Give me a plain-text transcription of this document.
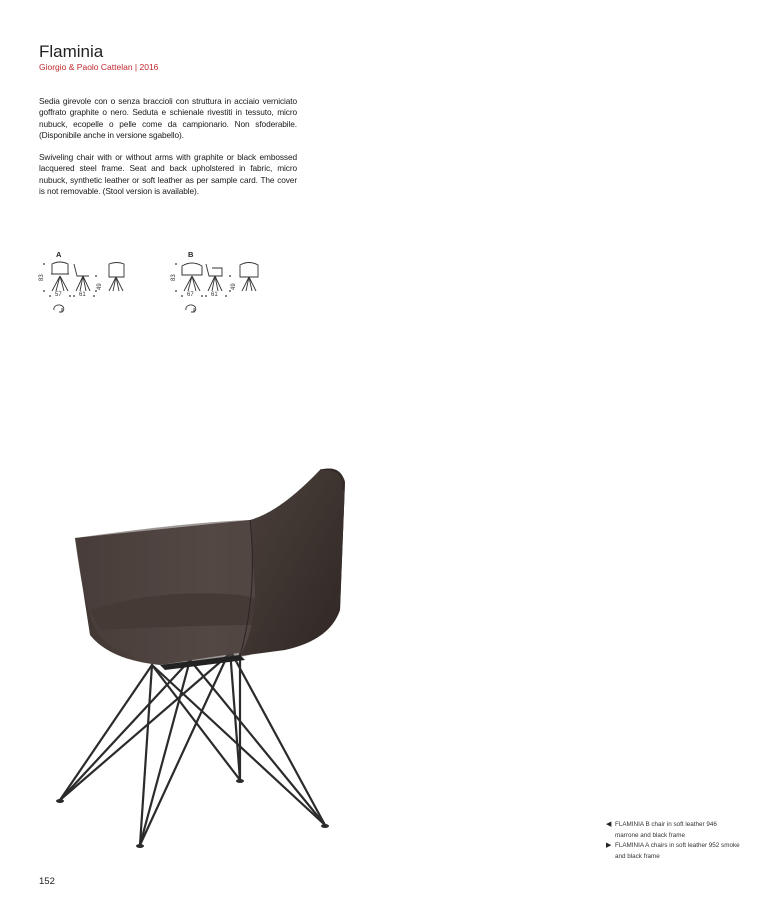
Flaminia
Giorgio & Paolo Cattelan | 2016

Sedia girevole con o senza braccioli con struttura in acciaio verniciato goffrato graphite o nero. Seduta e schienale rivestiti in tessuto, micro nubuck, ecopelle o pelle come da campionario. Non sfoderabile. (Disponibile anche in versione sgabello).

Swiveling chair with or without arms with graphite or black embossed lacquered steel frame. Seat and back upholstered in fabric, micro nubuck, synthetic leather or soft leather as per sample card. The cover is not removable. (Stool version is available).

A
83
49
57	61
B
83
49
67	61
◀ FLAMINIA B chair in soft leather 946 marrone and black frame
▶ FLAMINIA A chairs in soft leather 952 smoke and black frame
152
